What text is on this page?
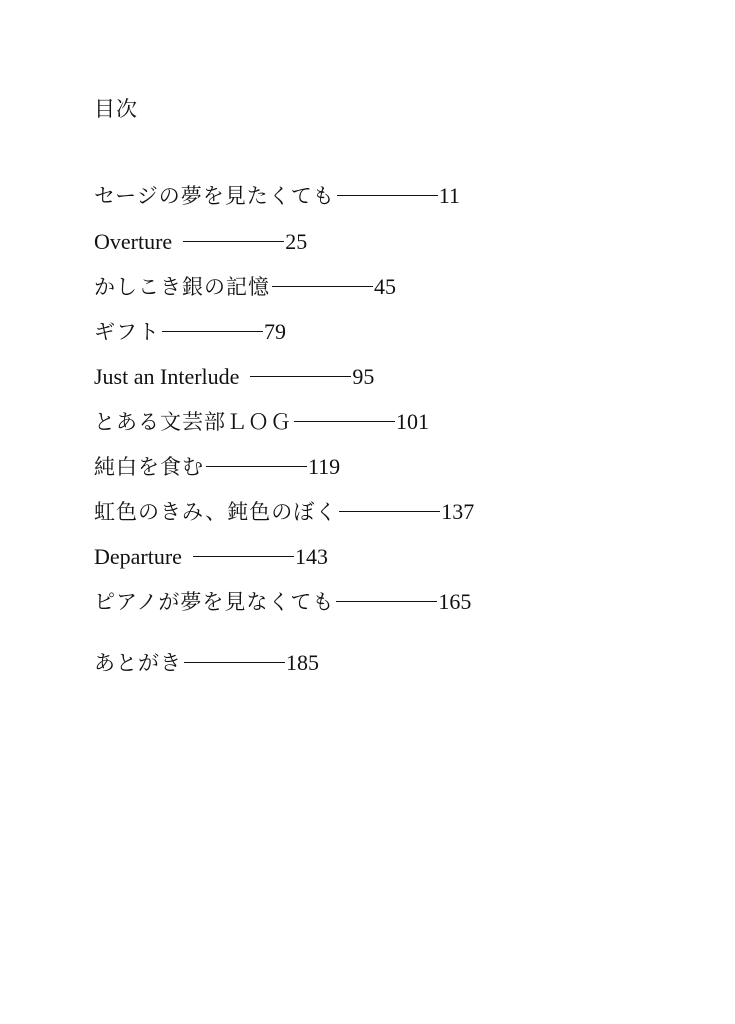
目次
セージの夢を見たくても	11
Overture	25
かしこき銀の記憶	45
ギフト	79
Just an Interlude	95
とある文芸部ＬＯＧ	101
純白を食む	119
虹色のきみ、鈍色のぼく	137
Departure	143
ピアノが夢を見なくても	165
あとがき	185
